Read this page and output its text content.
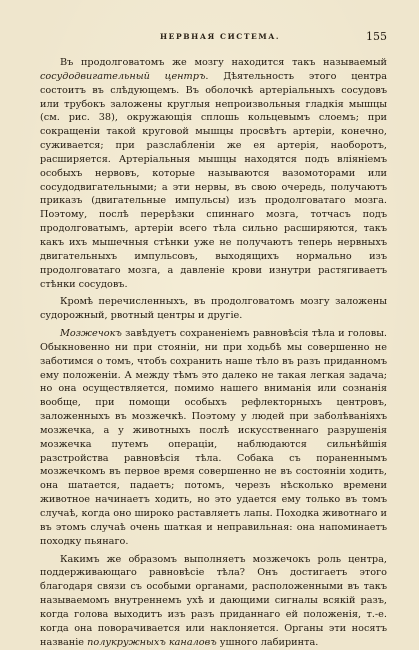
НЕРВНАЯ СИСТЕМА.	155

Въ продолговатомъ же мозгу находится такъ называемый сосудодвигательный центръ. Дѣятельность этого центра состоитъ въ слѣдующемъ. Въ оболочкѣ артеріальныхъ сосудовъ или трубокъ заложены круглыя непроизвольныя гладкія мышцы (см. рис. 38), окружающія сплошь кольцевымъ слоемъ; при сокращеніи такой круговой мышцы просвѣтъ артеріи, конечно, суживается; при разслабленіи же ея артерія, наоборотъ, расширяется. Артеріальныя мышцы находятся подъ вліяніемъ особыхъ нервовъ, которые называются вазомоторами или сосудодвигательными; а эти нервы, въ свою очередь, получаютъ приказъ (двигательные импульсы) изъ продолговатаго мозга. Поэтому, послѣ перерѣзки спиннаго мозга, тотчасъ подъ продолговатымъ, артеріи всего тѣла сильно расширяются, такъ какъ ихъ мышечныя стѣнки уже не получаютъ теперь нервныхъ двигательныхъ импульсовъ, выходящихъ нормально изъ продолговатаго мозга, а давленіе крови изнутри растягиваетъ стѣнки сосудовъ.

Кромѣ перечисленныхъ, въ продолговатомъ мозгу заложены судорожный, рвотный центры и другіе.

Мозжечокъ завѣдуетъ сохраненіемъ равновѣсія тѣла и головы. Обыкновенно ни при стояніи, ни при ходьбѣ мы совершенно не заботимся о томъ, чтобъ сохранить наше тѣло въ разъ приданномъ ему положеніи. А между тѣмъ это далеко не такая легкая задача; но она осуществляется, помимо нашего вниманія или сознанія вообще, при помощи особыхъ рефлекторныхъ центровъ, заложенныхъ въ мозжечкѣ. Поэтому у людей при заболѣваніяхъ мозжечка, а у животныхъ послѣ искусственнаго разрушенія мозжечка путемъ операціи, наблюдаются сильнѣйшія разстройства равновѣсія тѣла. Собака съ пораненнымъ мозжечкомъ въ первое время совершенно не въ состояніи ходить, она шатается, падаетъ; потомъ, черезъ нѣсколько времени животное начинаетъ ходить, но это удается ему только въ томъ случаѣ, когда оно широко раставляетъ лапы. Походка животнаго и въ этомъ случаѣ очень шаткая и неправильная: она напоминаетъ походку пьянаго.

Какимъ же образомъ выполняетъ мозжечокъ роль центра, поддерживающаго равновѣсіе тѣла? Онъ достигаетъ этого благодаря связи съ особыми органами, расположенными въ такъ называемомъ внутреннемъ ухѣ и дающими сигналы всякій разъ, когда голова выходитъ изъ разъ приданнаго ей положенія, т.-е. когда она поворачивается или наклоняется. Органы эти носятъ названіе полукружныхъ каналовъ ушного лабиринта.
